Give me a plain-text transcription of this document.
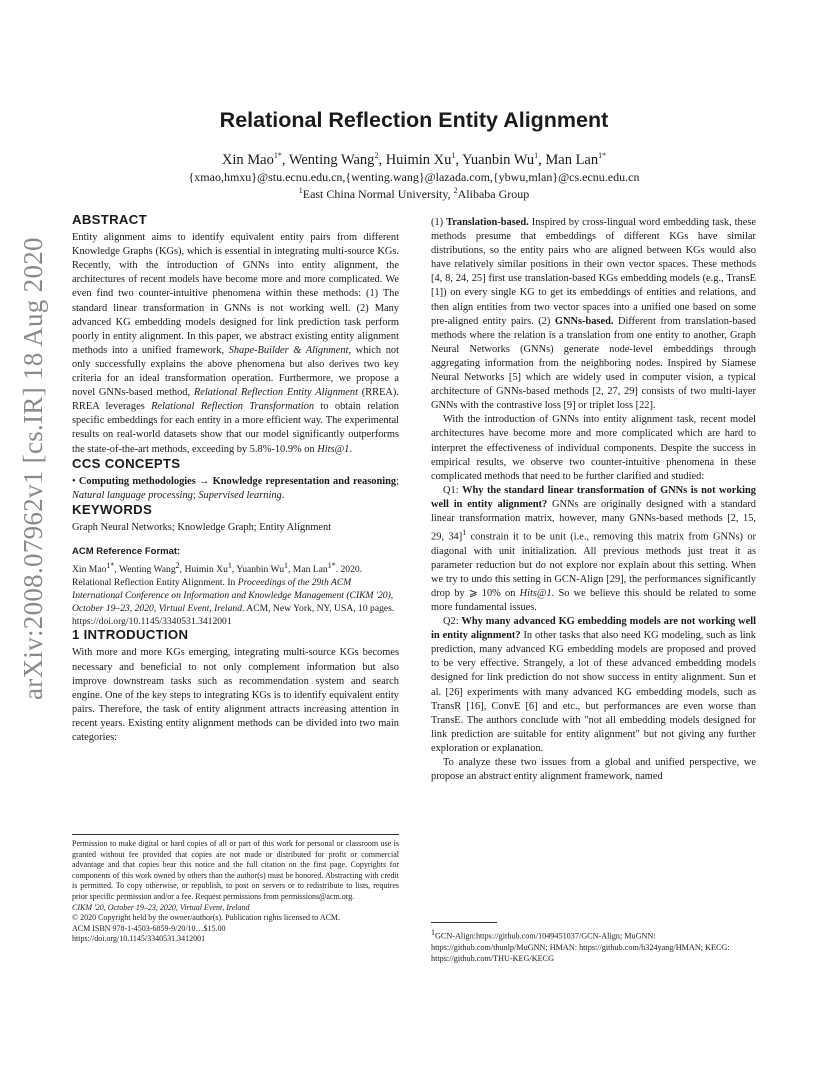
arXiv:2008.07962v1 [cs.IR] 18 Aug 2020
Relational Reflection Entity Alignment
Xin Mao$^{1*}$, Wenting Wang$^2$, Huimin Xu$^1$, Yuanbin Wu$^1$, Man Lan$^{1*}$
{xmao,hmxu}@stu.ecnu.edu.cn,{wenting.wang}@lazada.com,{ybwu,mlan}@cs.ecnu.edu.cn
$^1$East China Normal University, $^2$Alibaba Group
ABSTRACT

Entity alignment aims to identify equivalent entity pairs from different Knowledge Graphs (KGs), which is essential in integrating multi-source KGs. Recently, with the introduction of GNNs into entity alignment, the architectures of recent models have become more and more complicated. We even find two counter-intuitive phenomena within these methods: (1) The standard linear transformation in GNNs is not working well. (2) Many advanced KG embedding models designed for link prediction task perform poorly in entity alignment. In this paper, we abstract existing entity alignment methods into a unified framework, Shape-Builder & Alignment, which not only successfully explains the above phenomena but also derives two key criteria for an ideal transformation operation. Furthermore, we propose a novel GNNs-based method, Relational Reflection Entity Alignment (RREA). RREA leverages Relational Reflection Transformation to obtain relation specific embeddings for each entity in a more efficient way. The experimental results on real-world datasets show that our model significantly outperforms the state-of-the-art methods, exceeding by 5.8%-10.9% on Hits@1.

CCS CONCEPTS

• Computing methodologies → Knowledge representation and reasoning; Natural language processing; Supervised learning.

KEYWORDS

Graph Neural Networks; Knowledge Graph; Entity Alignment

ACM Reference Format:

Xin Mao$^{1*}$, Wenting Wang$^2$, Huimin Xu$^1$, Yuanbin Wu$^1$, Man Lan$^{1*}$. 2020. Relational Reflection Entity Alignment. In Proceedings of the 29th ACM International Conference on Information and Knowledge Management (CIKM '20), October 19–23, 2020, Virtual Event, Ireland. ACM, New York, NY, USA, 10 pages. https://doi.org/10.1145/3340531.3412001

1 INTRODUCTION

With more and more KGs emerging, integrating multi-source KGs becomes necessary and beneficial to not only complement information but also improve downstream tasks such as recommendation system and search engine. One of the key steps to integrating KGs is to identify equivalent entity pairs. Therefore, the task of entity alignment attracts increasing attention in recent years. Existing entity alignment methods can be divided into two main categories:

Permission to make digital or hard copies of all or part of this work for personal or classroom use is granted without fee provided that copies are not made or distributed for profit or commercial advantage and that copies bear this notice and the full citation on the first page. Copyrights for components of this work owned by others than the author(s) must be honored. Abstracting with credit is permitted. To copy otherwise, or republish, to post on servers or to redistribute to lists, requires prior specific permission and/or a fee. Request permissions from permissions@acm.org.
CIKM '20, October 19–23, 2020, Virtual Event, Ireland
© 2020 Copyright held by the owner/author(s). Publication rights licensed to ACM.
ACM ISBN 978-1-4503-6859-9/20/10…$15.00
https://doi.org/10.1145/3340531.3412001

(1) Translation-based. Inspired by cross-lingual word embedding task, these methods presume that embeddings of different KGs have similar distributions, so the entity pairs who are aligned between KGs would also have relatively similar positions in their own vector spaces. These methods [4, 8, 24, 25] first use translation-based KGs embedding models (e.g., TransE [1]) on every single KG to get its embeddings of entities and relations, and then align entities from two vector spaces into a unified one based on some pre-aligned entity pairs. (2) GNNs-based. Different from translation-based methods where the relation is a translation from one entity to another, Graph Neural Networks (GNNs) generate node-level embeddings through aggregating information from the neighboring nodes. Inspired by Siamese Neural Networks [5] which are widely used in computer vision, a typical architecture of GNNs-based methods [2, 27, 29] consists of two multi-layer GNNs with the contrastive loss [9] or triplet loss [22].

With the introduction of GNNs into entity alignment task, recent model architectures have become more and more complicated which are hard to interpret the effectiveness of individual components. Despite the success in empirical results, we observe two counter-intuitive phenomena in these complicated methods that need to be further clarified and studied:

Q1: Why the standard linear transformation of GNNs is not working well in entity alignment? GNNs are originally designed with a standard linear transformation matrix, however, many GNNs-based methods [2, 15, 29, 34]$^1$ constrain it to be unit (i.e., removing this matrix from GNNs) or diagonal with unit initialization. All previous methods just treat it as parameter reduction but do not explore nor explain about this setting. When we try to undo this setting in GCN-Align [29], the performances significantly drop by ⩾ 10% on Hits@1. So we believe this should be related to some more fundamental issues.

Q2: Why many advanced KG embedding models are not working well in entity alignment? In other tasks that also need KG modeling, such as link prediction, many advanced KG embedding models are proposed and proved to be very effective. Strangely, a lot of these advanced embedding models designed for link prediction do not show success in entity alignment. Sun et al. [26] experiments with many advanced KG embedding models, such as TransR [16], ConvE [6] and etc., but performances are even worse than TransE. The authors conclude with "not all embedding models designed for link prediction are suitable for entity alignment" but not giving any further exploration or explanation.

To analyze these two issues from a global and unified perspective, we propose an abstract entity alignment framework, named

$^1$GCN-Align:https://github.com/1049451037/GCN-Align; MuGNN: https://github.com/thunlp/MuGNN; HMAN: https://github.com/h324yang/HMAN; KECG: https://github.com/THU-KEG/KECG
